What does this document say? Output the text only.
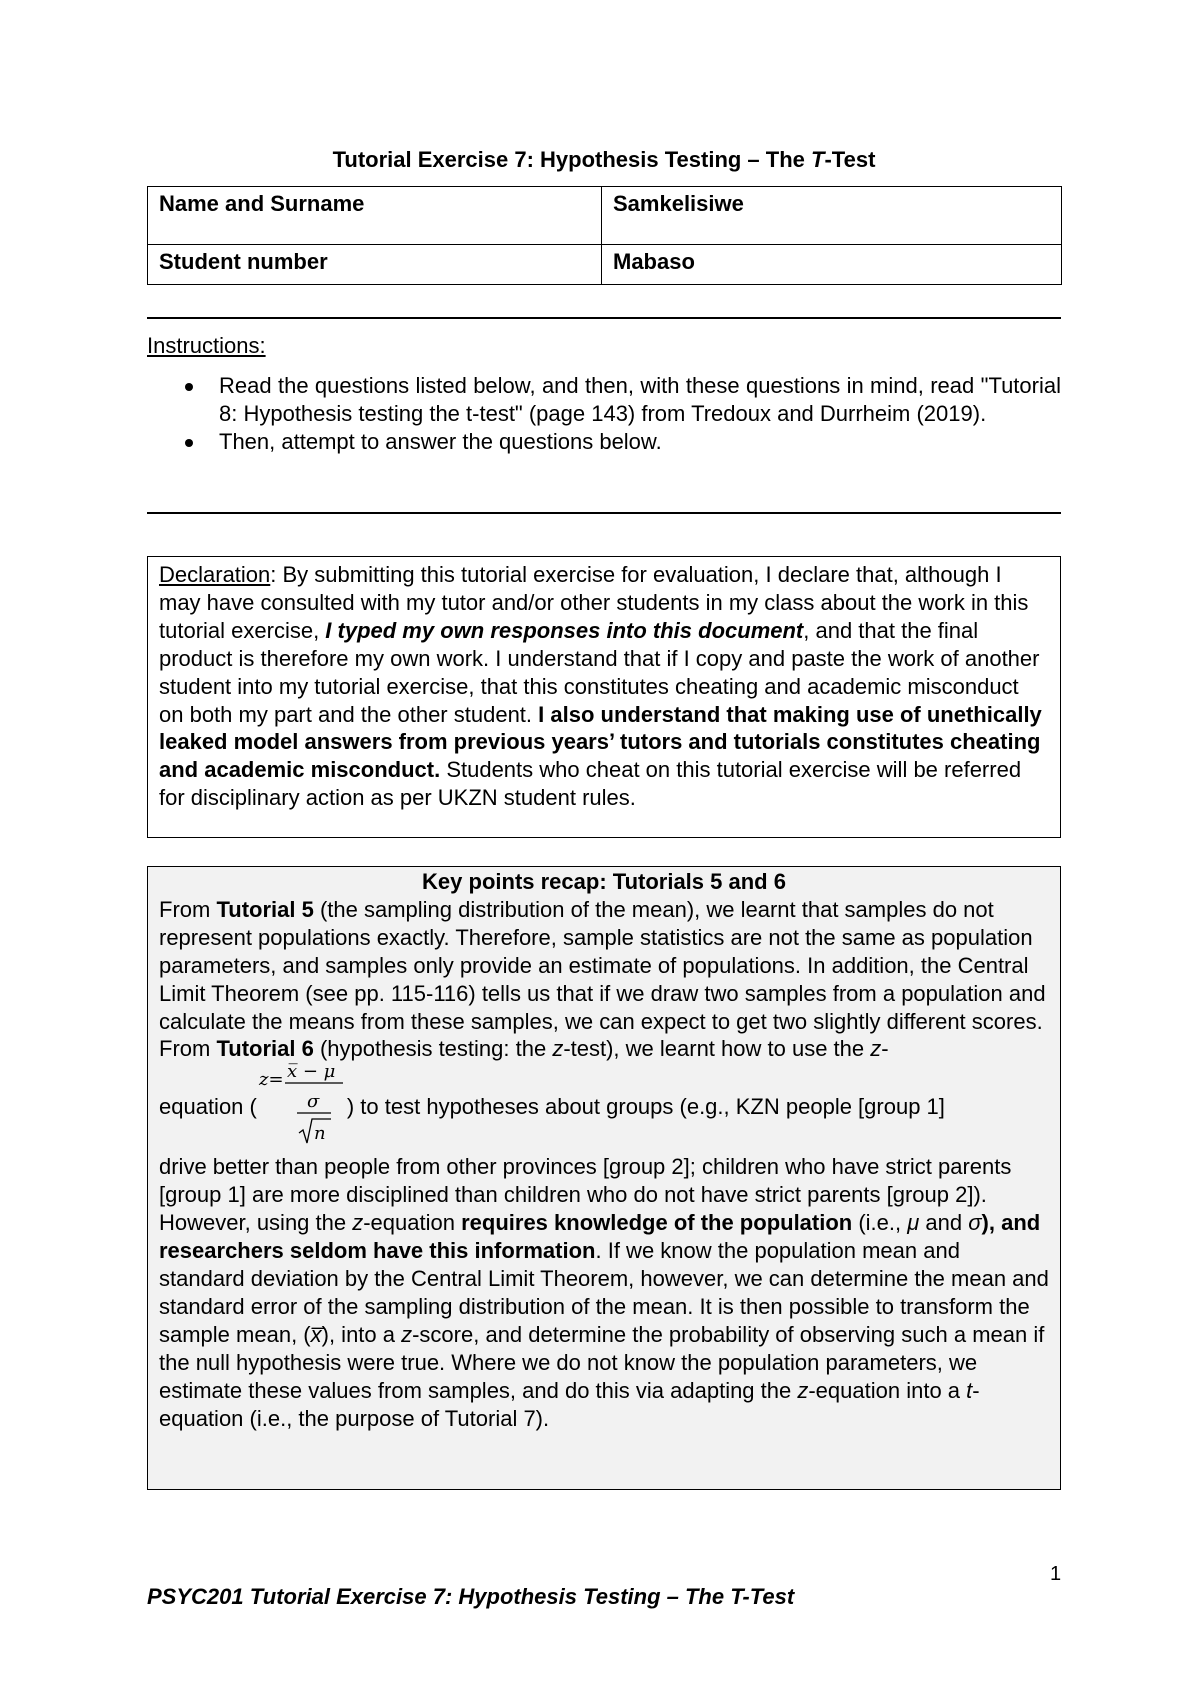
Tutorial Exercise 7: Hypothesis Testing – The T-Test
Name and Surname	Samkelisiwe
Student number	Mabaso
Instructions:
Read the questions listed below, and then, with these questions in mind, read "Tutorial 8: Hypothesis testing the t-test" (page 143) from Tredoux and Durrheim (2019).
Then, attempt to answer the questions below.

Declaration: By submitting this tutorial exercise for evaluation, I declare that, although I may have consulted with my tutor and/or other students in my class about the work in this tutorial exercise, I typed my own responses into this document, and that the final product is therefore my own work. I understand that if I copy and paste the work of another student into my tutorial exercise, that this constitutes cheating and academic misconduct on both my part and the other student. I also understand that making use of unethically leaked model answers from previous years’ tutors and tutorials constitutes cheating and academic misconduct. Students who cheat on this tutorial exercise will be referred for disciplinary action as per UKZN student rules.

Key points recap: Tutorials 5 and 6

From Tutorial 5 (the sampling distribution of the mean), we learnt that samples do not represent populations exactly. Therefore, sample statistics are not the same as population parameters, and samples only provide an estimate of populations. In addition, the Central Limit Theorem (see pp. 115-116) tells us that if we draw two samples from a population and calculate the means from these samples, we can expect to get two slightly different scores.

From Tutorial 6 (hypothesis testing: the z-test), we learnt how to use the z-

equation (
z= x̅ − μ
σ
n
) to test hypotheses about groups (e.g., KZN people [group 1]

drive better than people from other provinces [group 2]; children who have strict parents [group 1] are more disciplined than children who do not have strict parents [group 2]). However, using the z-equation requires knowledge of the population (i.e., μ and σ), and researchers seldom have this information. If we know the population mean and standard deviation by the Central Limit Theorem, however, we can determine the mean and standard error of the sampling distribution of the mean. It is then possible to transform the sample mean, (x̅), into a z-score, and determine the probability of observing such a mean if the null hypothesis were true. Where we do not know the population parameters, we estimate these values from samples, and do this via adapting the z-equation into a t-equation (i.e., the purpose of Tutorial 7).

1
PSYC201 Tutorial Exercise 7: Hypothesis Testing – The T-Test
